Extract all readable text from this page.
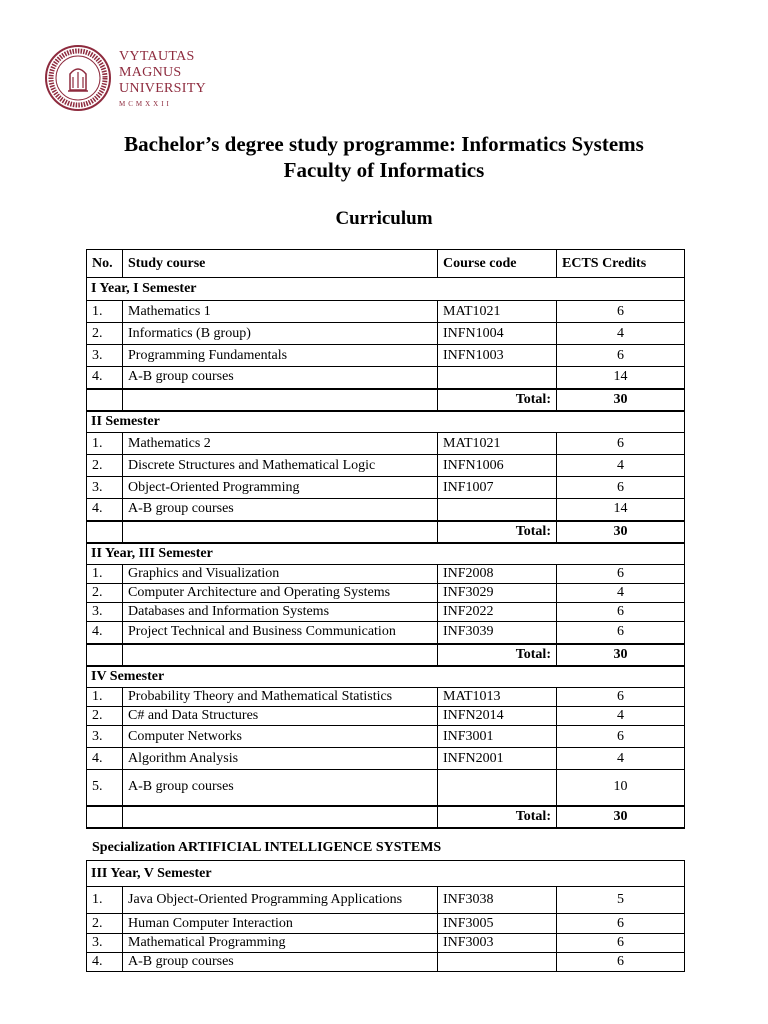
VYTAUTAS
MAGNUS
UNIVERSITY
MCMXXII
Bachelor’s degree study programme: Informatics Systems
Faculty of Informatics
Curriculum
No.	Study course	Course code	ECTS Credits
I Year, I Semester			
1.	Mathematics 1	MAT1021	6
2.	Informatics (B group)	INFN1004	4
3.	Programming Fundamentals	INFN1003	6
4.	A-B group courses		14
		Total:	30
II Semester			
1.	Mathematics 2	MAT1021	6
2.	Discrete Structures and Mathematical Logic	INFN1006	4
3.	Object-Oriented Programming	INF1007	6
4.	A-B group courses		14
		Total:	30
II Year, III Semester			
1.	Graphics and Visualization	INF2008	6
2.	Computer Architecture and Operating Systems	INF3029	4
3.	Databases and Information Systems	INF2022	6
4.	Project Technical and Business Communication	INF3039	6
		Total:	30
IV Semester			
1.	Probability Theory and Mathematical Statistics	MAT1013	6
2.	C# and Data Structures	INFN2014	4
3.	Computer Networks	INF3001	6
4.	Algorithm Analysis	INFN2001	4
5.	A-B group courses		10
		Total:	30
Specialization ARTIFICIAL INTELLIGENCE SYSTEMS
III Year, V Semester			
1.	Java Object-Oriented Programming Applications	INF3038	5
2.	Human Computer Interaction	INF3005	6
3.	Mathematical Programming	INF3003	6
4.	A-B group courses		6
